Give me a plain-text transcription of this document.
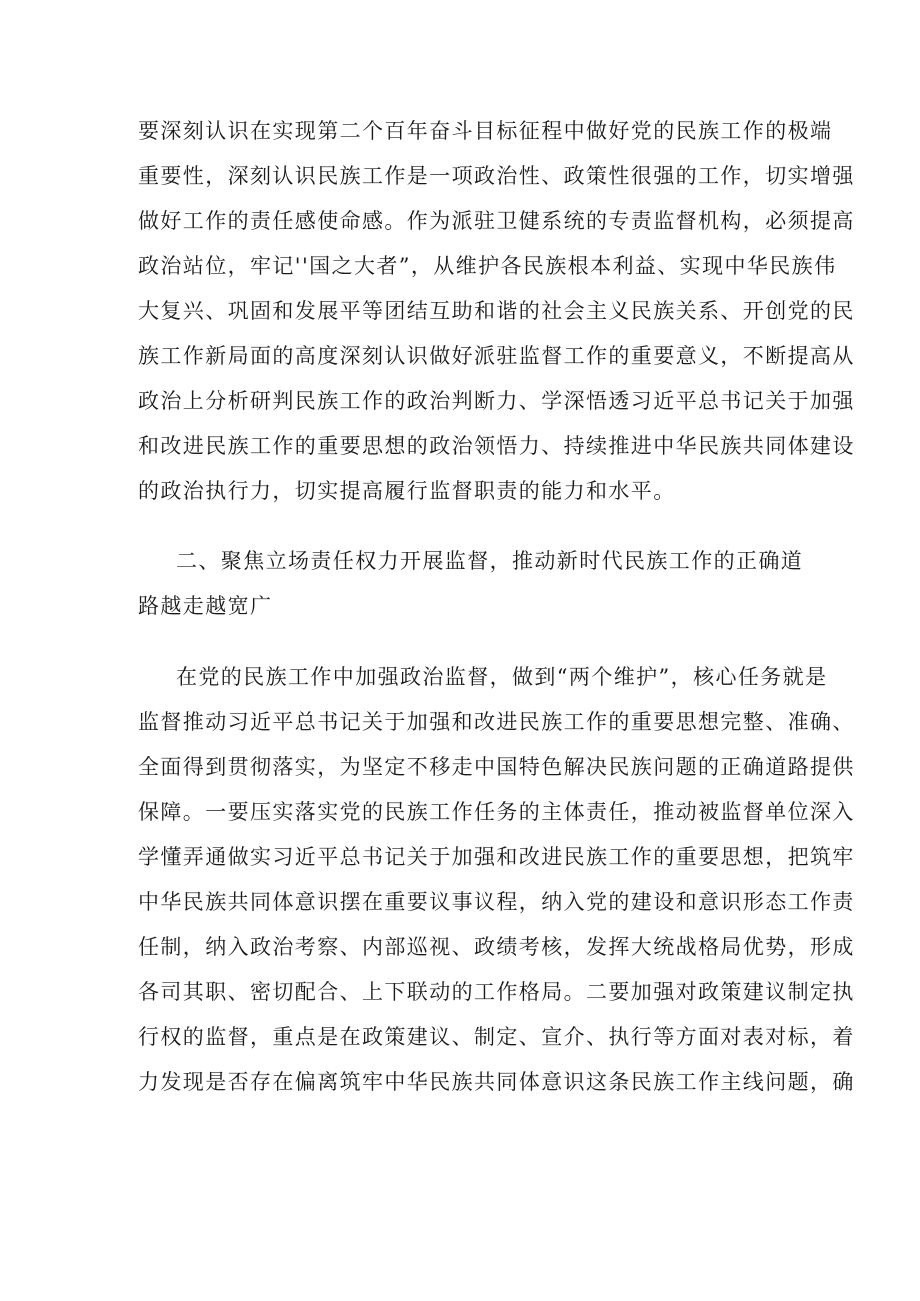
要深刻认识在实现第二个百年奋斗目标征程中做好党的民族工作的极端
重要性，深刻认识民族工作是一项政治性、政策性很强的工作，切实增强
做好工作的责任感使命感。作为派驻卫健系统的专责监督机构，必须提高
政治站位，牢记''国之大者”，从维护各民族根本利益、实现中华民族伟
大复兴、巩固和发展平等团结互助和谐的社会主义民族关系、开创党的民
族工作新局面的高度深刻认识做好派驻监督工作的重要意义，不断提高从
政治上分析研判民族工作的政治判断力、学深悟透习近平总书记关于加强
和改进民族工作的重要思想的政治领悟力、持续推进中华民族共同体建设
的政治执行力，切实提高履行监督职责的能力和水平。
二、聚焦立场责任权力开展监督，推动新时代民族工作的正确道
路越走越宽广
在党的民族工作中加强政治监督，做到“两个维护”，核心任务就是
监督推动习近平总书记关于加强和改进民族工作的重要思想完整、准确、
全面得到贯彻落实，为坚定不移走中国特色解决民族问题的正确道路提供
保障。一要压实落实党的民族工作任务的主体责任，推动被监督单位深入
学懂弄通做实习近平总书记关于加强和改进民族工作的重要思想，把筑牢
中华民族共同体意识摆在重要议事议程，纳入党的建设和意识形态工作责
任制，纳入政治考察、内部巡视、政绩考核，发挥大统战格局优势，形成
各司其职、密切配合、上下联动的工作格局。二要加强对政策建议制定执
行权的监督，重点是在政策建议、制定、宣介、执行等方面对表对标，着
力发现是否存在偏离筑牢中华民族共同体意识这条民族工作主线问题，确
